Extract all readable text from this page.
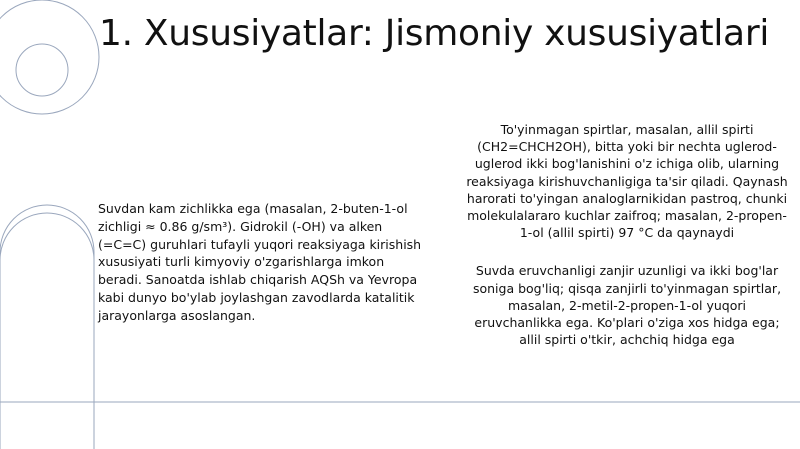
1. Xususiyatlar: Jismoniy xususiyatlari
Suvdan kam zichlikka ega (masalan, 2-buten-1-ol zichligi ≈ 0.86 g/sm³). Gidrokil (-OH) va alken (=C=C) guruhlari tufayli yuqori reaksiyaga kirishish xususiyati turli kimyoviy o'zgarishlarga imkon beradi. Sanoatda ishlab chiqarish AQSh va Yevropa kabi dunyo bo'ylab joylashgan zavodlarda katalitik jarayonlarga asoslangan.

To'yinmagan spirtlar, masalan, allil spirti (CH2=CHCH2OH), bitta yoki bir nechta uglerod-uglerod ikki bog'lanishini o'z ichiga olib, ularning reaksiyaga kirishuvchanligiga ta'sir qiladi. Qaynash harorati to'yingan analoglarnikidan pastroq, chunki molekulalararo kuchlar zaifroq; masalan, 2-propen-1-ol (allil spirti) 97 °C da qaynaydi

Suvda eruvchanligi zanjir uzunligi va ikki bog'lar soniga bog'liq; qisqa zanjirli to'yinmagan spirtlar, masalan, 2-metil-2-propen-1-ol yuqori eruvchanlikka ega. Ko'plari o'ziga xos hidga ega; allil spirti o'tkir, achchiq hidga ega
